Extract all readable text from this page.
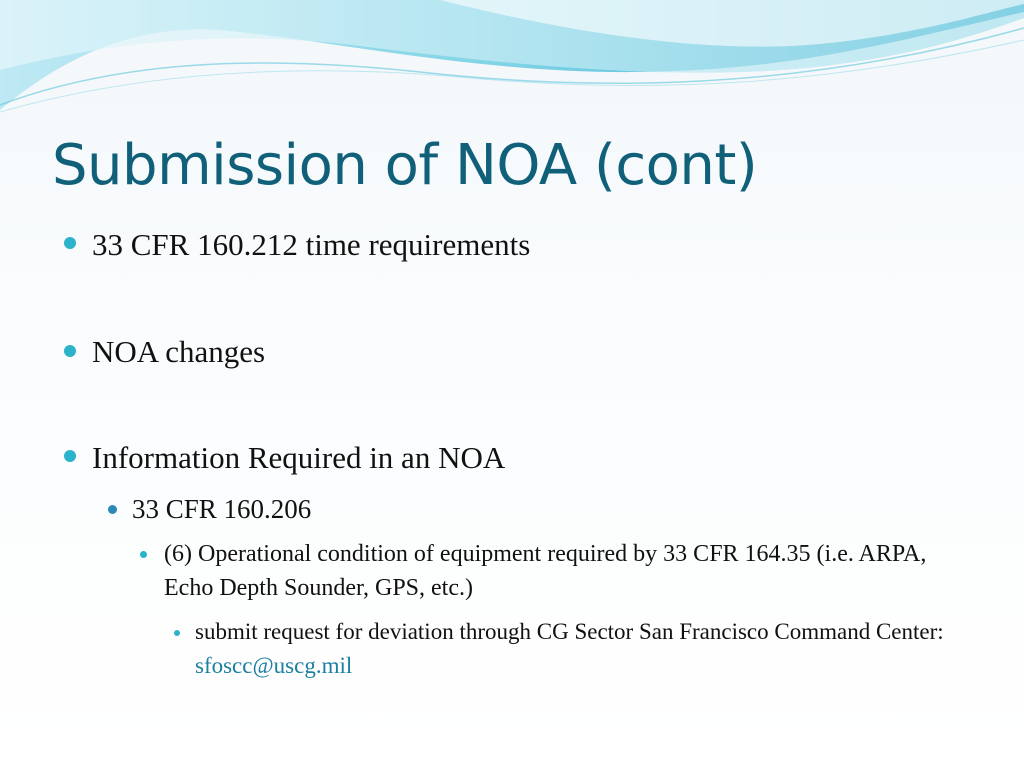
Submission of NOA (cont)
33 CFR 160.212 time requirements
NOA changes
Information Required in an NOA
33 CFR 160.206
(6) Operational condition of equipment required by 33 CFR 164.35 (i.e. ARPA, Echo Depth Sounder, GPS, etc.)
submit request for deviation through CG Sector San Francisco Command Center: sfoscc@uscg.mil
